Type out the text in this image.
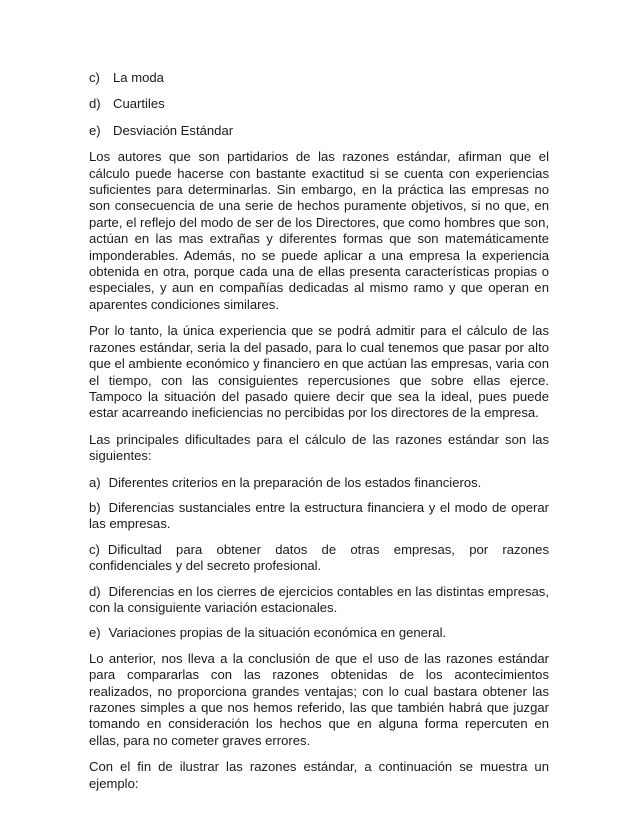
c) La moda
d) Cuartiles
e) Desviación Estándar

Los autores que son partidarios de las razones estándar, afirman que el cálculo puede hacerse con bastante exactitud si se cuenta con experiencias suficientes para determinarlas. Sin embargo, en la práctica las empresas no son consecuencia de una serie de hechos puramente objetivos, si no que, en parte, el reflejo del modo de ser de los Directores, que como hombres que son, actúan en las mas extrañas y diferentes formas que son matemáticamente imponderables. Además, no se puede aplicar a una empresa la experiencia obtenida en otra, porque cada una de ellas presenta características propias o especiales, y aun en compañías dedicadas al mismo ramo y que operan en aparentes condiciones similares.

Por lo tanto, la única experiencia que se podrá admitir para el cálculo de las razones estándar, seria la del pasado, para lo cual tenemos que pasar por alto que el ambiente económico y financiero en que actúan las empresas, varia con el tiempo, con las consiguientes repercusiones que sobre ellas ejerce. Tampoco la situación del pasado quiere decir que sea la ideal, pues puede estar acarreando ineficiencias no percibidas por los directores de la empresa.

Las principales dificultades para el cálculo de las razones estándar son las siguientes:

a) Diferentes criterios en la preparación de los estados financieros.

b) Diferencias sustanciales entre la estructura financiera y el modo de operar las empresas.

c) Dificultad para obtener datos de otras empresas, por razones confidenciales y del secreto profesional.

d) Diferencias en los cierres de ejercicios contables en las distintas empresas, con la consiguiente variación estacionales.

e) Variaciones propias de la situación económica en general.

Lo anterior, nos lleva a la conclusión de que el uso de las razones estándar para compararlas con las razones obtenidas de los acontecimientos realizados, no proporciona grandes ventajas; con lo cual bastara obtener las razones simples a que nos hemos referido, las que también habrá que juzgar tomando en consideración los hechos que en alguna forma repercuten en ellas, para no cometer graves errores.

Con el fin de ilustrar las razones estándar, a continuación se muestra un ejemplo:
